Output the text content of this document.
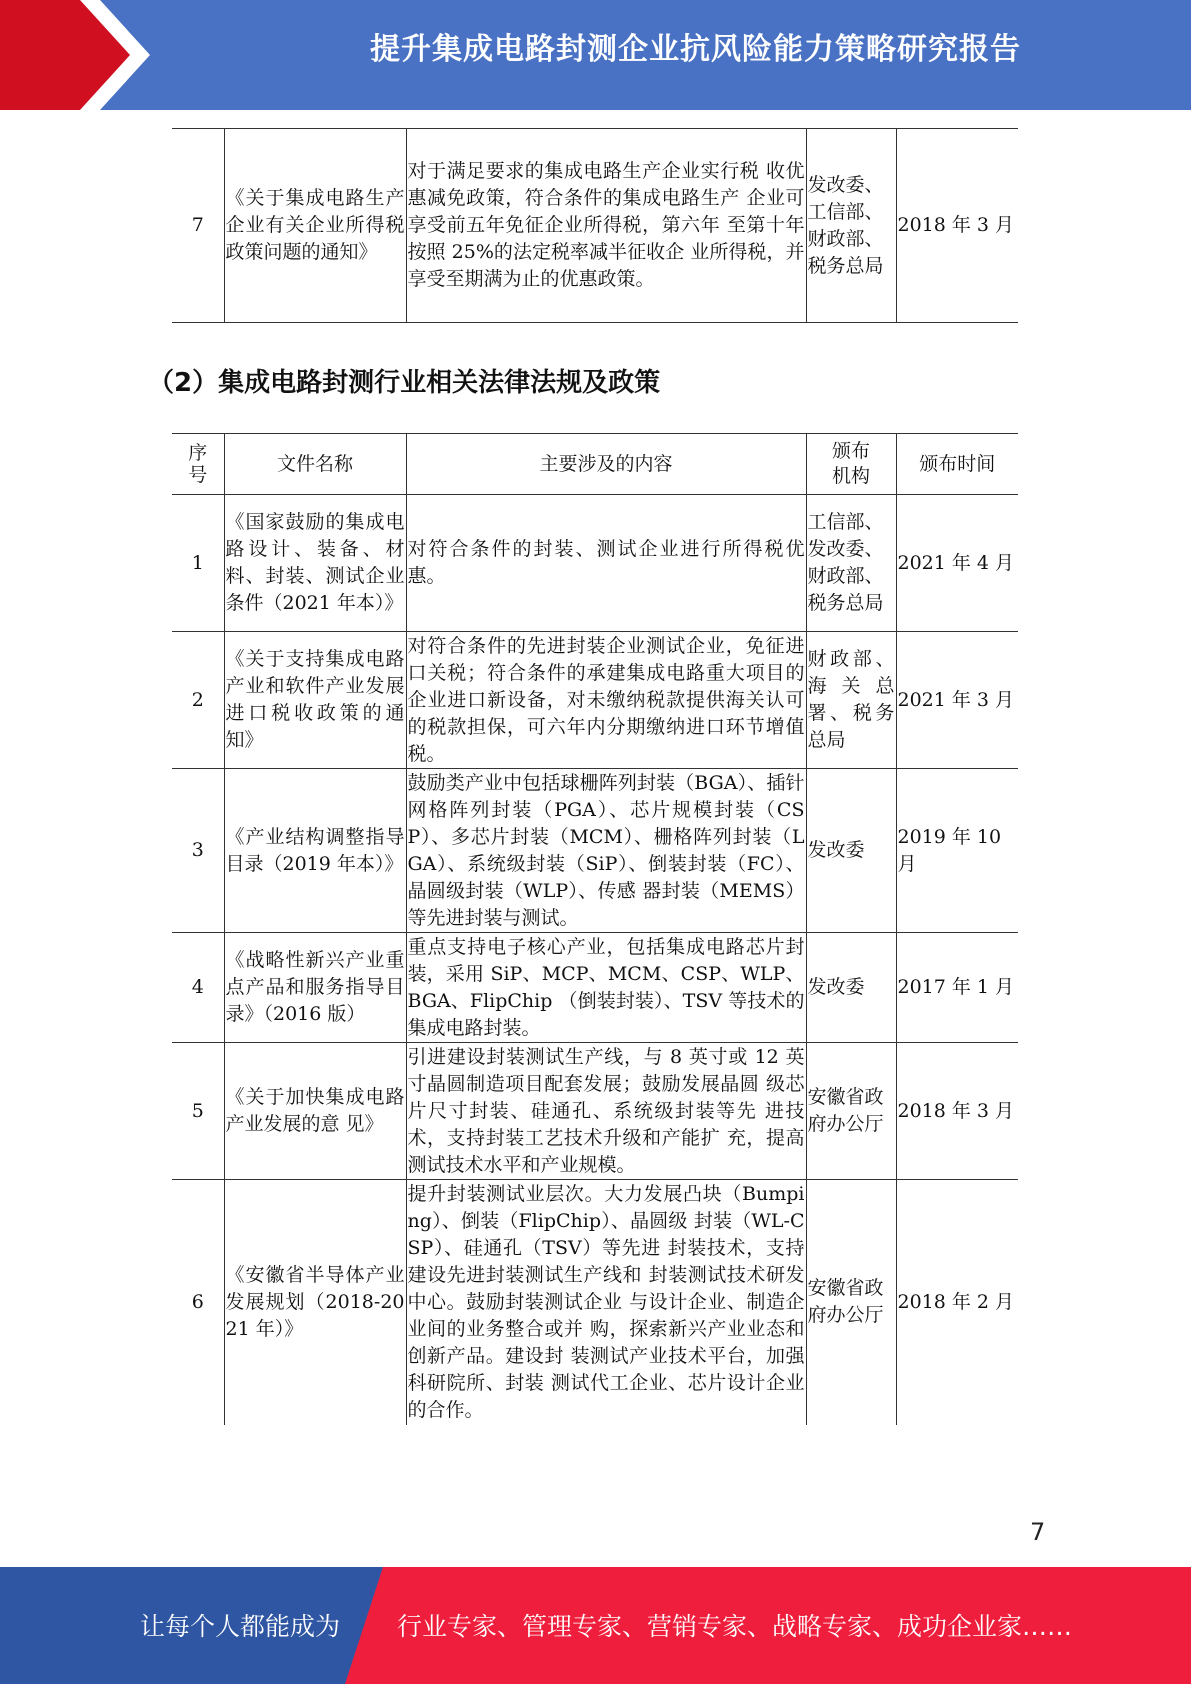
提升集成电路封测企业抗风险能力策略研究报告
7	《关于集成电路生产企业有关企业所得税政策问题的通知》	对于满足要求的集成电路生产企业实行税 收优惠减免政策，符合条件的集成电路生产 企业可享受前五年免征企业所得税，第六年 至第十年按照 25%的法定税率减半征收企 业所得税，并享受至期满为止的优惠政策。	发改委、工信部、财政部、税务总局	2018 年 3 月
（2）集成电路封测行业相关法律法规及政策
序号	文件名称	主要涉及的内容	颁布机构	颁布时间
1	《国家鼓励的集成电路设计、装备、材料、封装、测试企业条件（2021 年本）》	对符合条件的封装、测试企业进行所得税优惠。	工信部、发改委、财政部、税务总局	2021 年 4 月
2	《关于支持集成电路产业和软件产业发展进口税收政策的通知》	对符合条件的先进封装企业测试企业，免征进口关税；符合条件的承建集成电路重大项目的企业进口新设备，对未缴纳税款提供海关认可的税款担保，可六年内分期缴纳进口环节增值税。	财政部、海关总署、税务总局	2021 年 3 月
3	《产业结构调整指导目录（2019 年本）》	鼓励类产业中包括球栅阵列封装（BGA）、插针网格阵列封装（PGA）、芯片规模封装（CSP）、多芯片封装（MCM）、栅格阵列封装（LGA）、系统级封装（SiP）、倒装封装（FC）、晶圆级封装（WLP）、传感 器封装（MEMS）等先进封装与测试。	发改委	2019 年 10 月
4	《战略性新兴产业重点产品和服务指导目录》（2016 版）	重点支持电子核心产业，包括集成电路芯片封装，采用 SiP、MCP、MCM、CSP、WLP、BGA、FlipChip （倒装封装）、TSV 等技术的集成电路封装。	发改委	2017 年 1 月
5	《关于加快集成电路产业发展的意 见》	引进建设封装测试生产线，与 8 英寸或 12 英寸晶圆制造项目配套发展；鼓励发展晶圆 级芯片尺寸封装、硅通孔、系统级封装等先 进技术，支持封装工艺技术升级和产能扩 充，提高测试技术水平和产业规模。	安徽省政府办公厅	2018 年 3 月
6	《安徽省半导体产业发展规划（2018-2021 年）》	提升封装测试业层次。大力发展凸块（Bumping）、倒装（FlipChip）、晶圆级 封装（WL-CSP）、硅通孔（TSV）等先进 封装技术，支持建设先进封装测试生产线和 封装测试技术研发中心。鼓励封装测试企业 与设计企业、制造企业间的业务整合或并 购，探索新兴产业业态和创新产品。建设封 装测试产业技术平台，加强科研院所、封装 测试代工企业、芯片设计企业的合作。	安徽省政府办公厅	2018 年 2 月
7
让每个人都能成为 行业专家、管理专家、营销专家、战略专家、成功企业家……
